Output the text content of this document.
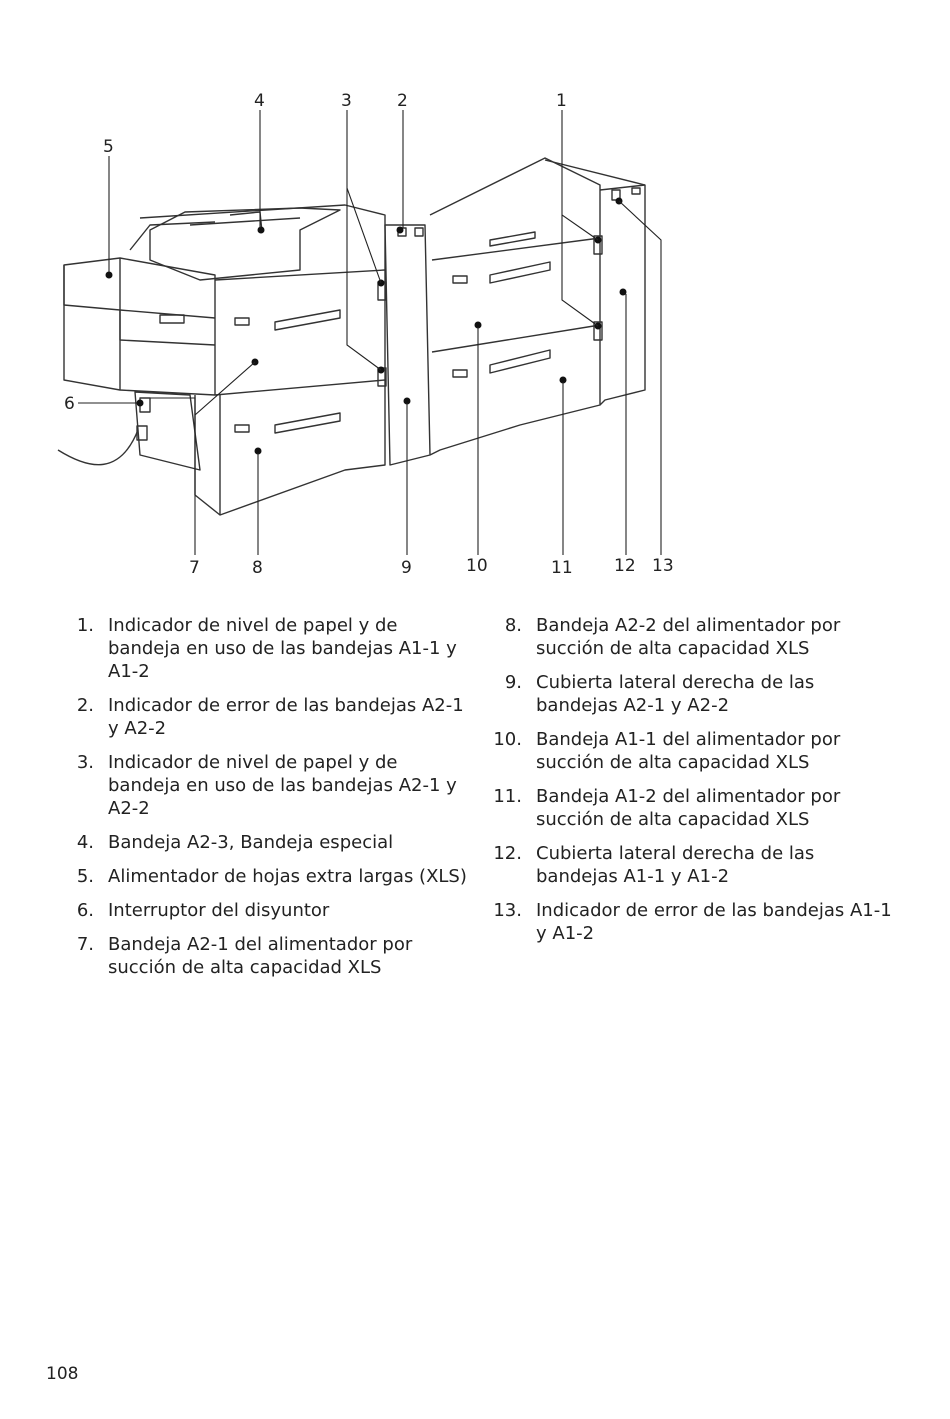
1
2
3
4
5
6
7	8	9	10	11 12 13
1. Indicador de nivel de papel y de bandeja en uso de las bandejas A1-1 y A1-2
2. Indicador de error de las bandejas A2-1 y A2-2
3. Indicador de nivel de papel y de bandeja en uso de las bandejas A2-1 y A2-2
4. Bandeja A2-3, Bandeja especial
5. Alimentador de hojas extra largas (XLS)
6. Interruptor del disyuntor
7. Bandeja A2-1 del alimentador por succión de alta capacidad XLS
8. Bandeja A2-2 del alimentador por succión de alta capacidad XLS
9. Cubierta lateral derecha de las bandejas A2-1 y A2-2
10. Bandeja A1-1 del alimentador por succión de alta capacidad XLS
11. Bandeja A1-2 del alimentador por succión de alta capacidad XLS
12. Cubierta lateral derecha de las bandejas A1-1 y A1-2
13. Indicador de error de las bandejas A1-1 y A1-2
108
